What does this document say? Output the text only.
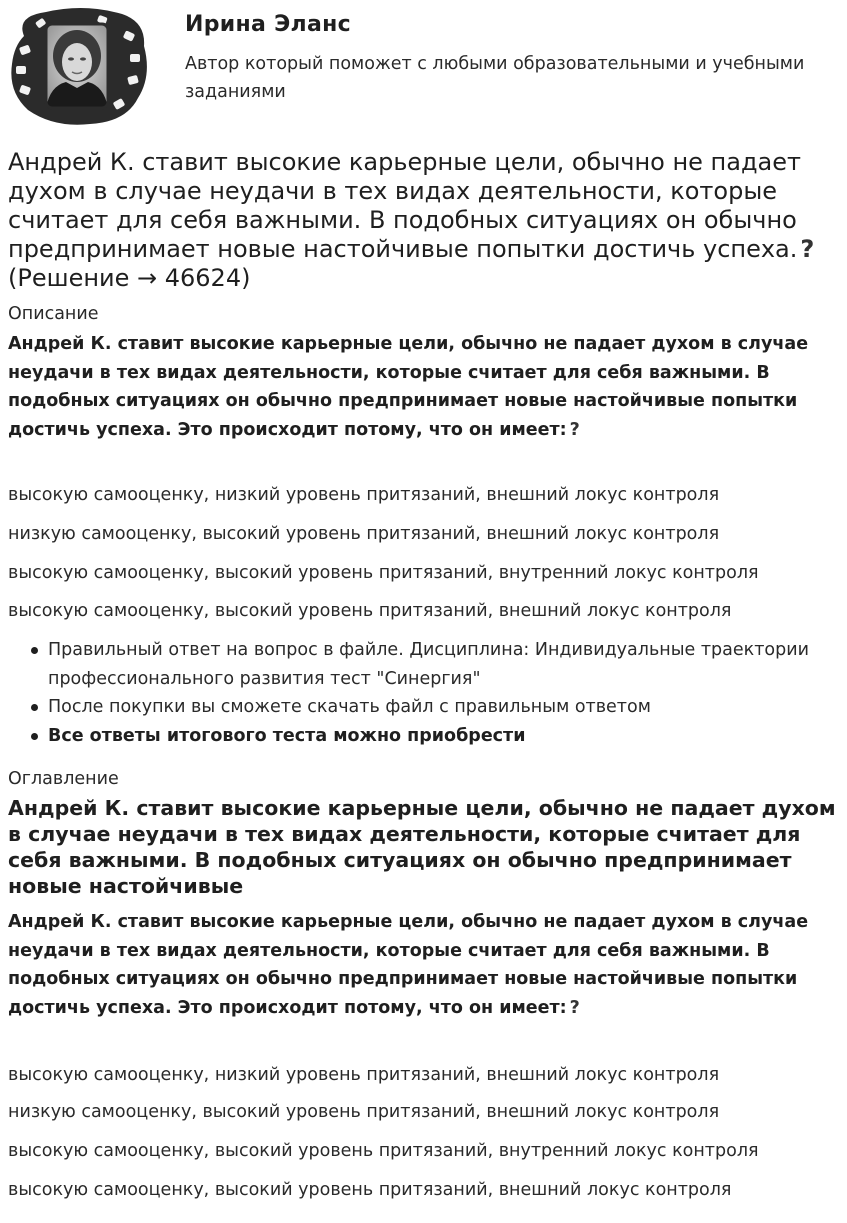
Ирина Эланс
Автор который поможет с любыми образовательными и учебными заданиями
Андрей К. ставит высокие карьерные цели, обычно не падает духом в случае неудачи в тех видах деятельности, которые считает для себя важными. В подобных ситуациях он обычно предпринимает новые настойчивые попытки достичь успеха. ?
(Решение → 46624)
Описание
Андрей К. ставит высокие карьерные цели, обычно не падает духом в случае неудачи в тех видах деятельности, которые считает для себя важными. В подобных ситуациях он обычно предпринимает новые настойчивые попытки достичь успеха. Это происходит потому, что он имеет: ?
высокую самооценку, низкий уровень притязаний, внешний локус контроля
низкую самооценку, высокий уровень притязаний, внешний локус контроля
высокую самооценку, высокий уровень притязаний, внутренний локус контроля
высокую самооценку, высокий уровень притязаний, внешний локус контроля
Правильный ответ на вопрос в файле. Дисциплина: Индивидуальные траектории профессионального развития тест "Синергия"
После покупки вы сможете скачать файл с правильным ответом
Все ответы итогового теста можно приобрести
Оглавление
Андрей К. ставит высокие карьерные цели, обычно не падает духом в случае неудачи в тех видах деятельности, которые считает для себя важными. В подобных ситуациях он обычно предпринимает новые настойчивые
Андрей К. ставит высокие карьерные цели, обычно не падает духом в случае неудачи в тех видах деятельности, которые считает для себя важными. В подобных ситуациях он обычно предпринимает новые настойчивые попытки достичь успеха. Это происходит потому, что он имеет: ?
высокую самооценку, низкий уровень притязаний, внешний локус контроля
низкую самооценку, высокий уровень притязаний, внешний локус контроля
высокую самооценку, высокий уровень притязаний, внутренний локус контроля
высокую самооценку, высокий уровень притязаний, внешний локус контроля
